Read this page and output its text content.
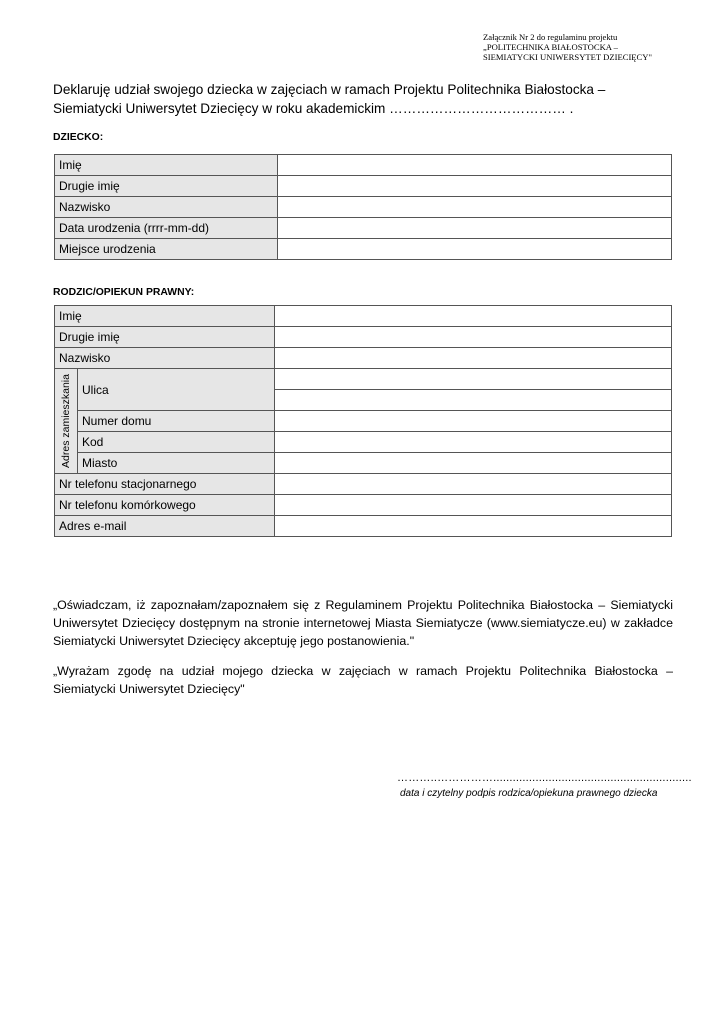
Załącznik Nr 2 do regulaminu projektu
„POLITECHNIKA BIAŁOSTOCKA –
SIEMIATYCKI UNIWERSYTET DZIECIĘCY"
Deklaruję udział swojego dziecka w zajęciach w ramach Projektu Politechnika Białostocka – Siemiatycki Uniwersytet Dziecięcy w roku akademickim ………………………………… .
DZIECKO:
Imię	
Drugie imię	
Nazwisko	
Data urodzenia (rrrr-mm-dd)	
Miejsce urodzenia	
RODZIC/OPIEKUN PRAWNY:
Imię		
Drugie imię		
Nazwisko		

Adres zamieszkania	Ulica	

	Numer domu	
	Kod	
	Miasto	
Nr telefonu stacjonarnego		
Nr telefonu komórkowego		
Adres e-mail		
„Oświadczam, iż zapoznałam/zapoznałem się z Regulaminem Projektu Politechnika Białostocka – Siemiatycki Uniwersytet Dziecięcy dostępnym na stronie internetowej Miasta Siemiatycze (www.siemiatycze.eu) w zakładce Siemiatycki Uniwersytet Dziecięcy akceptuję jego postanowienia."
„Wyrażam zgodę na udział mojego dziecka w zajęciach w ramach Projektu Politechnika Białostocka – Siemiatycki Uniwersytet Dziecięcy"
………..…………….............................................................
data i czytelny podpis rodzica/opiekuna prawnego dziecka
